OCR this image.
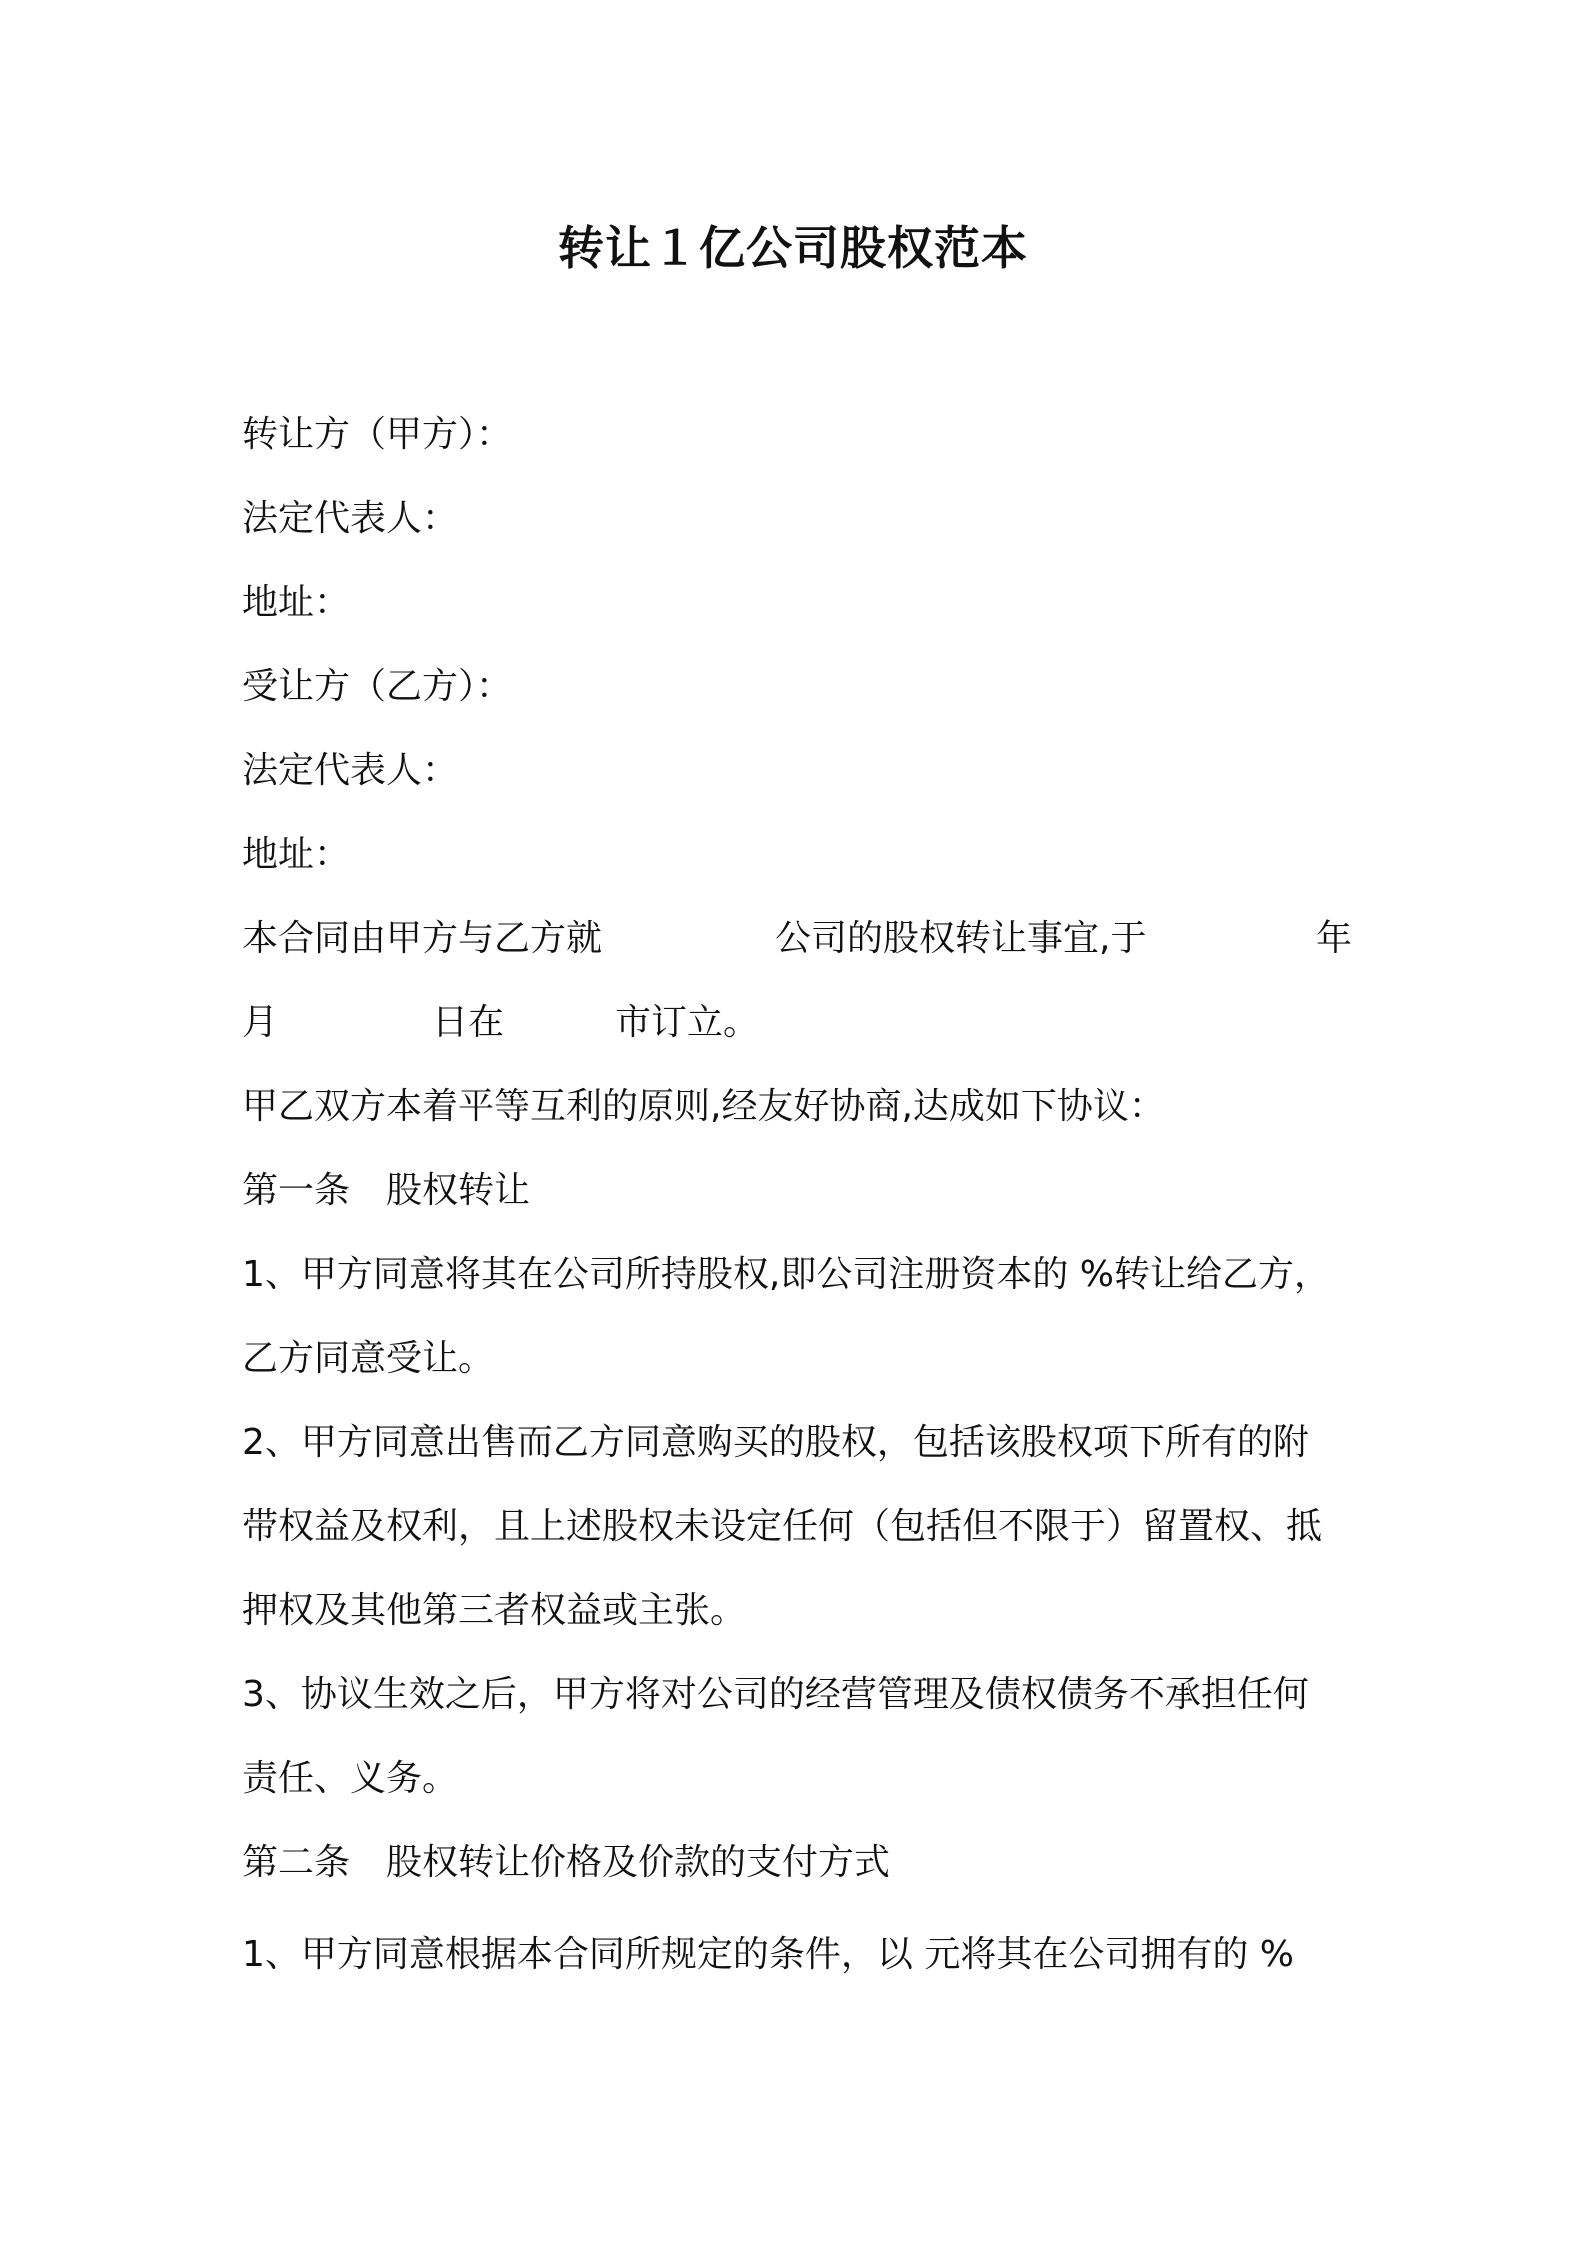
转让１亿公司股权范本
转让方（甲方）：
法定代表人：
地址：
受让方（乙方）：
法定代表人：
地址：
本合同由甲方与乙方就	公司的股权转让事宜,于	年
月	日在	市订立。
甲乙双方本着平等互利的原则,经友好协商,达成如下协议：
第一条　股权转让
1、甲方同意将其在公司所持股权,即公司注册资本的 %转让给乙方，
乙方同意受让。
2、甲方同意出售而乙方同意购买的股权，包括该股权项下所有的附
带权益及权利，且上述股权未设定任何（包括但不限于）留置权、抵
押权及其他第三者权益或主张。
3、协议生效之后，甲方将对公司的经营管理及债权债务不承担任何
责任、义务。
第二条　股权转让价格及价款的支付方式
1、甲方同意根据本合同所规定的条件，以 元将其在公司拥有的 %
